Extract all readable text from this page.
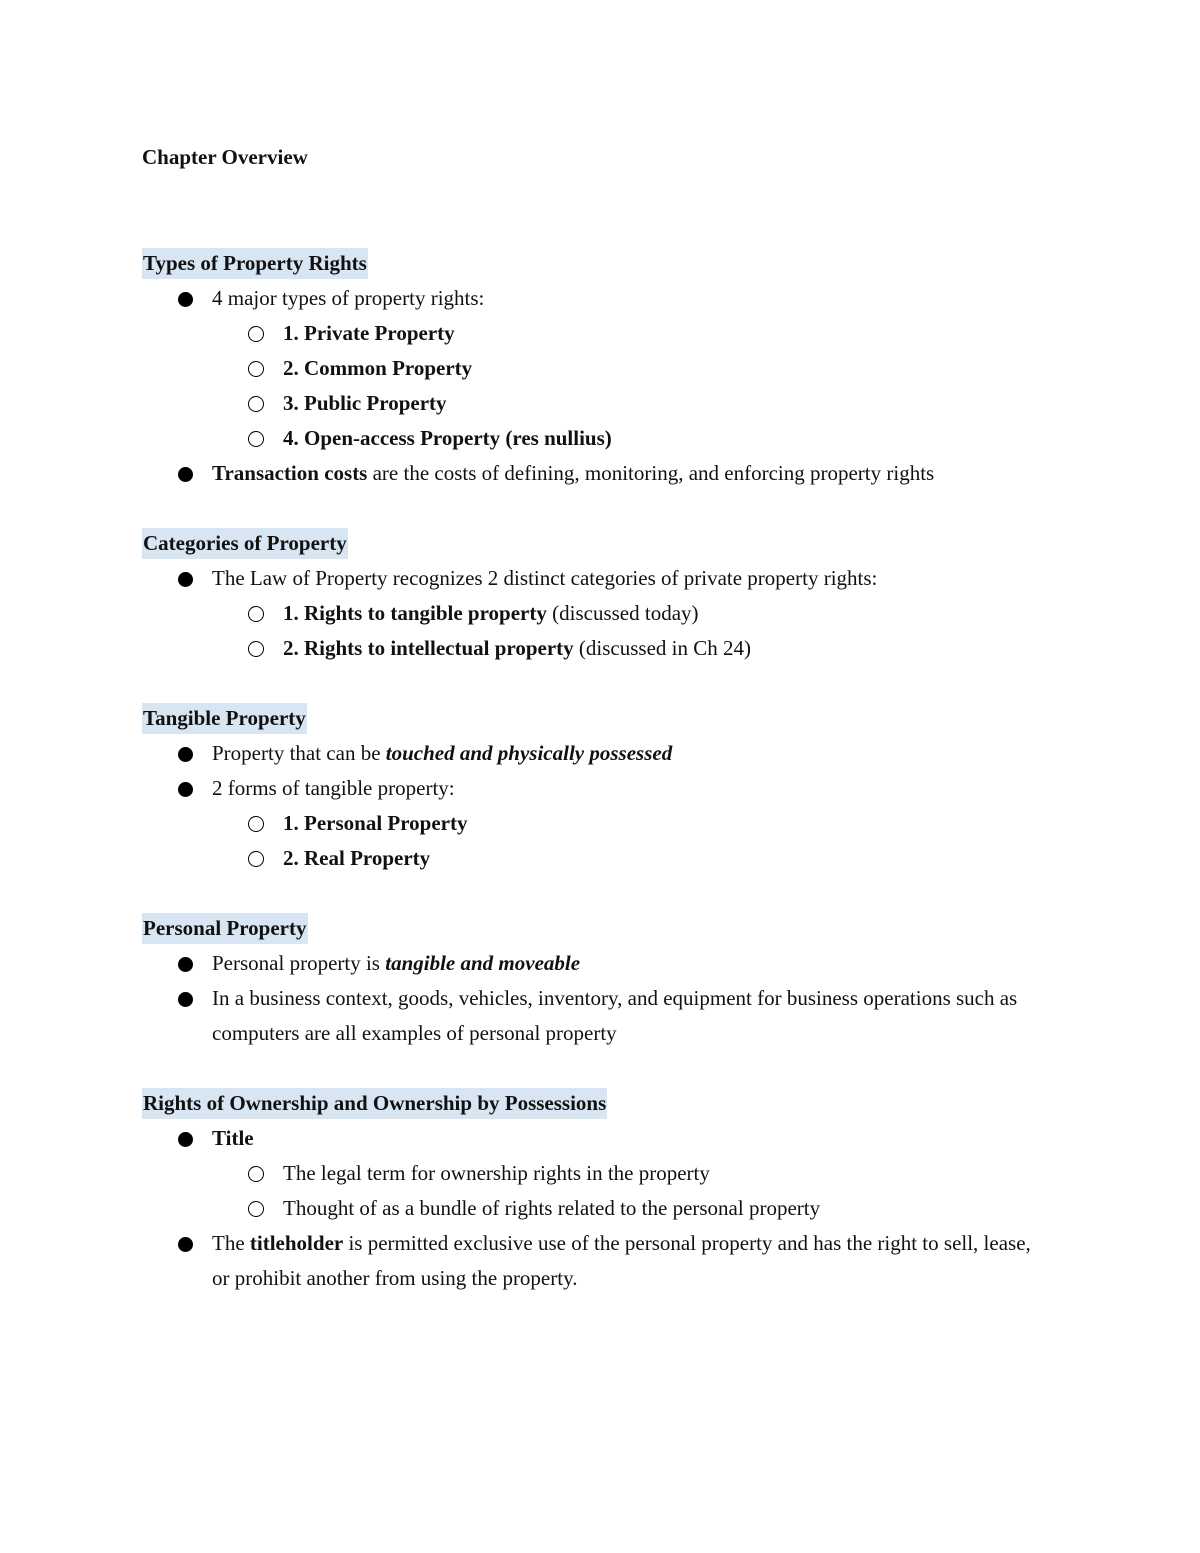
Chapter Overview

Types of Property Rights

4 major types of property rights:
1. Private Property
2. Common Property
3. Public Property
4. Open-access Property (res nullius)
Transaction costs are the costs of defining, monitoring, and enforcing property rights

Categories of Property

The Law of Property recognizes 2 distinct categories of private property rights:
1. Rights to tangible property (discussed today)
2. Rights to intellectual property (discussed in Ch 24)

Tangible Property

Property that can be touched and physically possessed
2 forms of tangible property:
1. Personal Property
2. Real Property

Personal Property

Personal property is tangible and moveable
In a business context, goods, vehicles, inventory, and equipment for business operations such as computers are all examples of personal property

Rights of Ownership and Ownership by Possessions

Title
The legal term for ownership rights in the property
Thought of as a bundle of rights related to the personal property
The titleholder is permitted exclusive use of the personal property and has the right to sell, lease, or prohibit another from using the property.
